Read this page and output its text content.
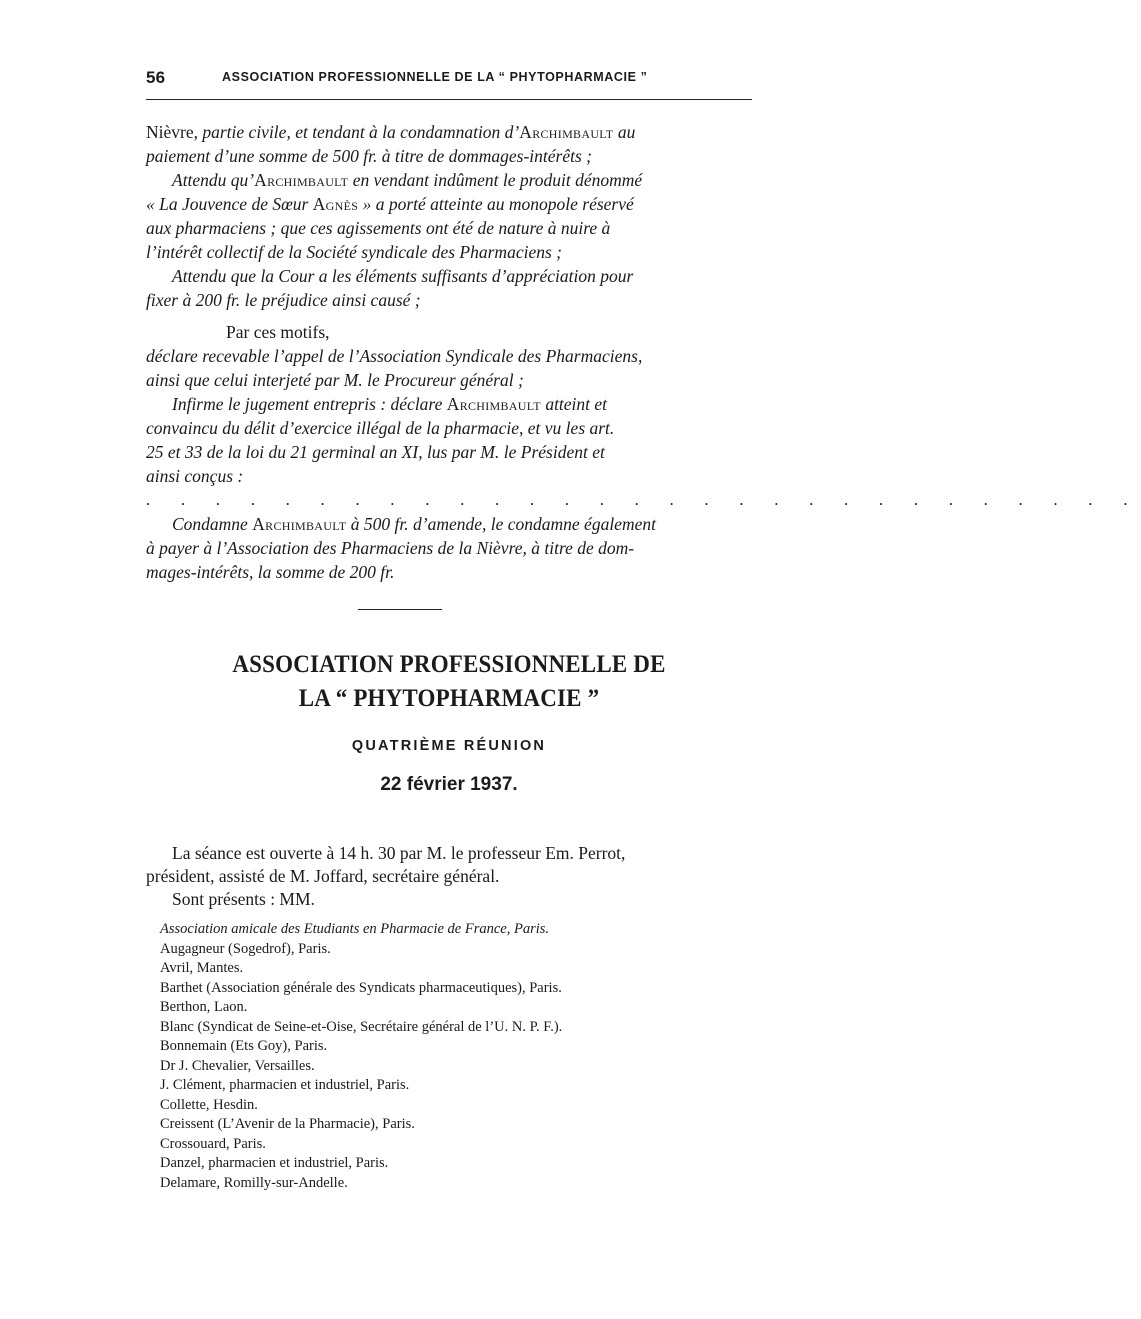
56	ASSOCIATION PROFESSIONNELLE DE LA “ PHYTOPHARMACIE ”
Nièvre, partie civile, et tendant à la condamnation d’Archimbault au
paiement d’une somme de 500 fr. à titre de dommages-intérêts ;
Attendu qu’Archimbault en vendant indûment le produit dénommé
« La Jouvence de Sœur Agnès » a porté atteinte au monopole réservé
aux pharmaciens ; que ces agissements ont été de nature à nuire à
l’intérêt collectif de la Société syndicale des Pharmaciens ;
Attendu que la Cour a les éléments suffisants d’appréciation pour
fixer à 200 fr. le préjudice ainsi causé ;
Par ces motifs,
déclare recevable l’appel de l’Association Syndicale des Pharmaciens,
ainsi que celui interjeté par M. le Procureur général ;
Infirme le jugement entrepris : déclare Archimbault atteint et
convaincu du délit d’exercice illégal de la pharmacie, et vu les art.
25 et 33 de la loi du 21 germinal an XI, lus par M. le Président et
ainsi conçus :
. . . . . . . . . . . . . . . . . . . . . . . . . . . . .
Condamne Archimbault à 500 fr. d’amende, le condamne également
à payer à l’Association des Pharmaciens de la Nièvre, à titre de dom-
mages-intérêts, la somme de 200 fr.
ASSOCIATION PROFESSIONNELLE DE
LA “ PHYTOPHARMACIE ”
QUATRIÈME RÉUNION
22 février 1937.
La séance est ouverte à 14 h. 30 par M. le professeur Em. Perrot,
président, assisté de M. Joffard, secrétaire général.
Sont présents : MM.
Association amicale des Etudiants en Pharmacie de France, Paris.
Augagneur (Sogedrof), Paris.
Avril, Mantes.
Barthet (Association générale des Syndicats pharmaceutiques), Paris.
Berthon, Laon.
Blanc (Syndicat de Seine-et-Oise, Secrétaire général de l’U. N. P. F.).
Bonnemain (Ets Goy), Paris.
Dr J. Chevalier, Versailles.
J. Clément, pharmacien et industriel, Paris.
Collette, Hesdin.
Creissent (L’Avenir de la Pharmacie), Paris.
Crossouard, Paris.
Danzel, pharmacien et industriel, Paris.
Delamare, Romilly-sur-Andelle.
